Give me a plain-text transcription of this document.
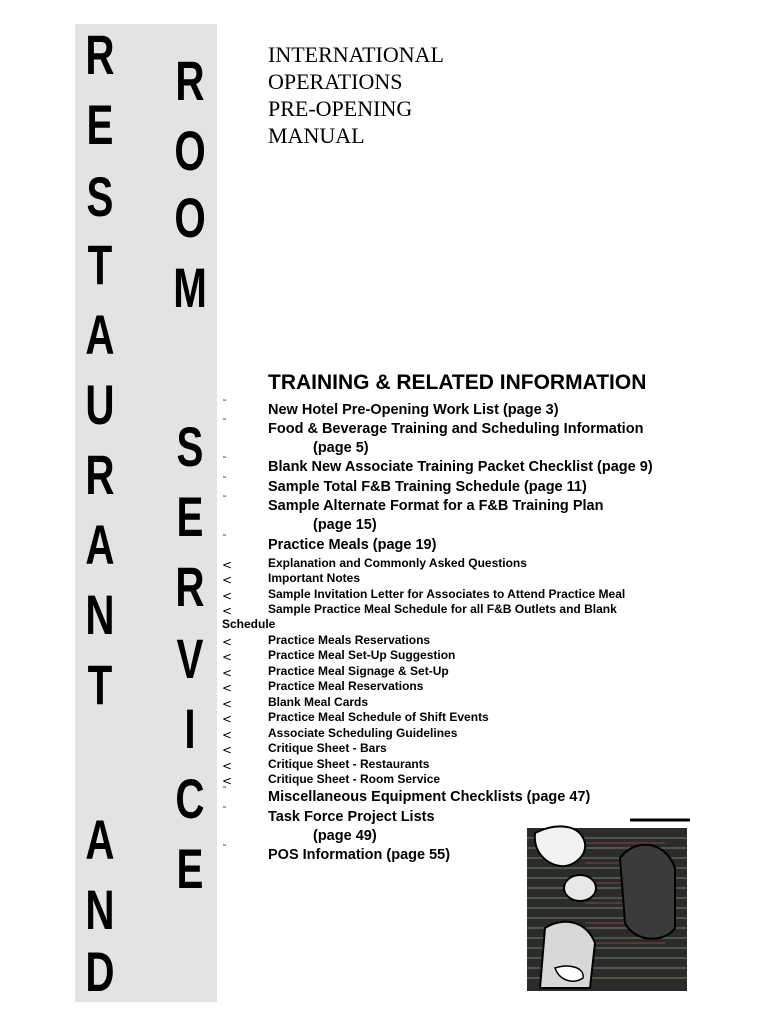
R
E
S
T
A
U
R
A
N
T
A
N
D
R
O
O
M
S
E
R
V
I
C
E
INTERNATIONAL
OPERATIONS
PRE-OPENING
MANUAL
TRAINING & RELATED INFORMATION
˜	New Hotel Pre-Opening Work List (page 3)
˜	Food & Beverage Training and Scheduling Information
(page 5)
˜	Blank New Associate Training Packet Checklist (page 9)
˜	Sample Total F&B Training Schedule (page 11)
˜	Sample Alternate Format for a F&B Training Plan
(page 15)
˜	Practice Meals (page 19)
<	Explanation and Commonly Asked Questions
<	Important Notes
<	Sample Invitation Letter for Associates to Attend Practice Meal
<	Sample Practice Meal Schedule for all F&B Outlets and Blank
Schedule
<	Practice Meals Reservations
<	Practice Meal Set-Up Suggestion
<	Practice Meal Signage & Set-Up
<	Practice Meal Reservations
<	Blank Meal Cards
<	Practice Meal Schedule of Shift Events
<	Associate Scheduling Guidelines
<	Critique Sheet - Bars
<	Critique Sheet - Restaurants
<	Critique Sheet - Room Service
˜	Miscellaneous Equipment Checklists (page 47)
˜	Task Force Project Lists
(page 49)
˜	POS Information (page 55)
